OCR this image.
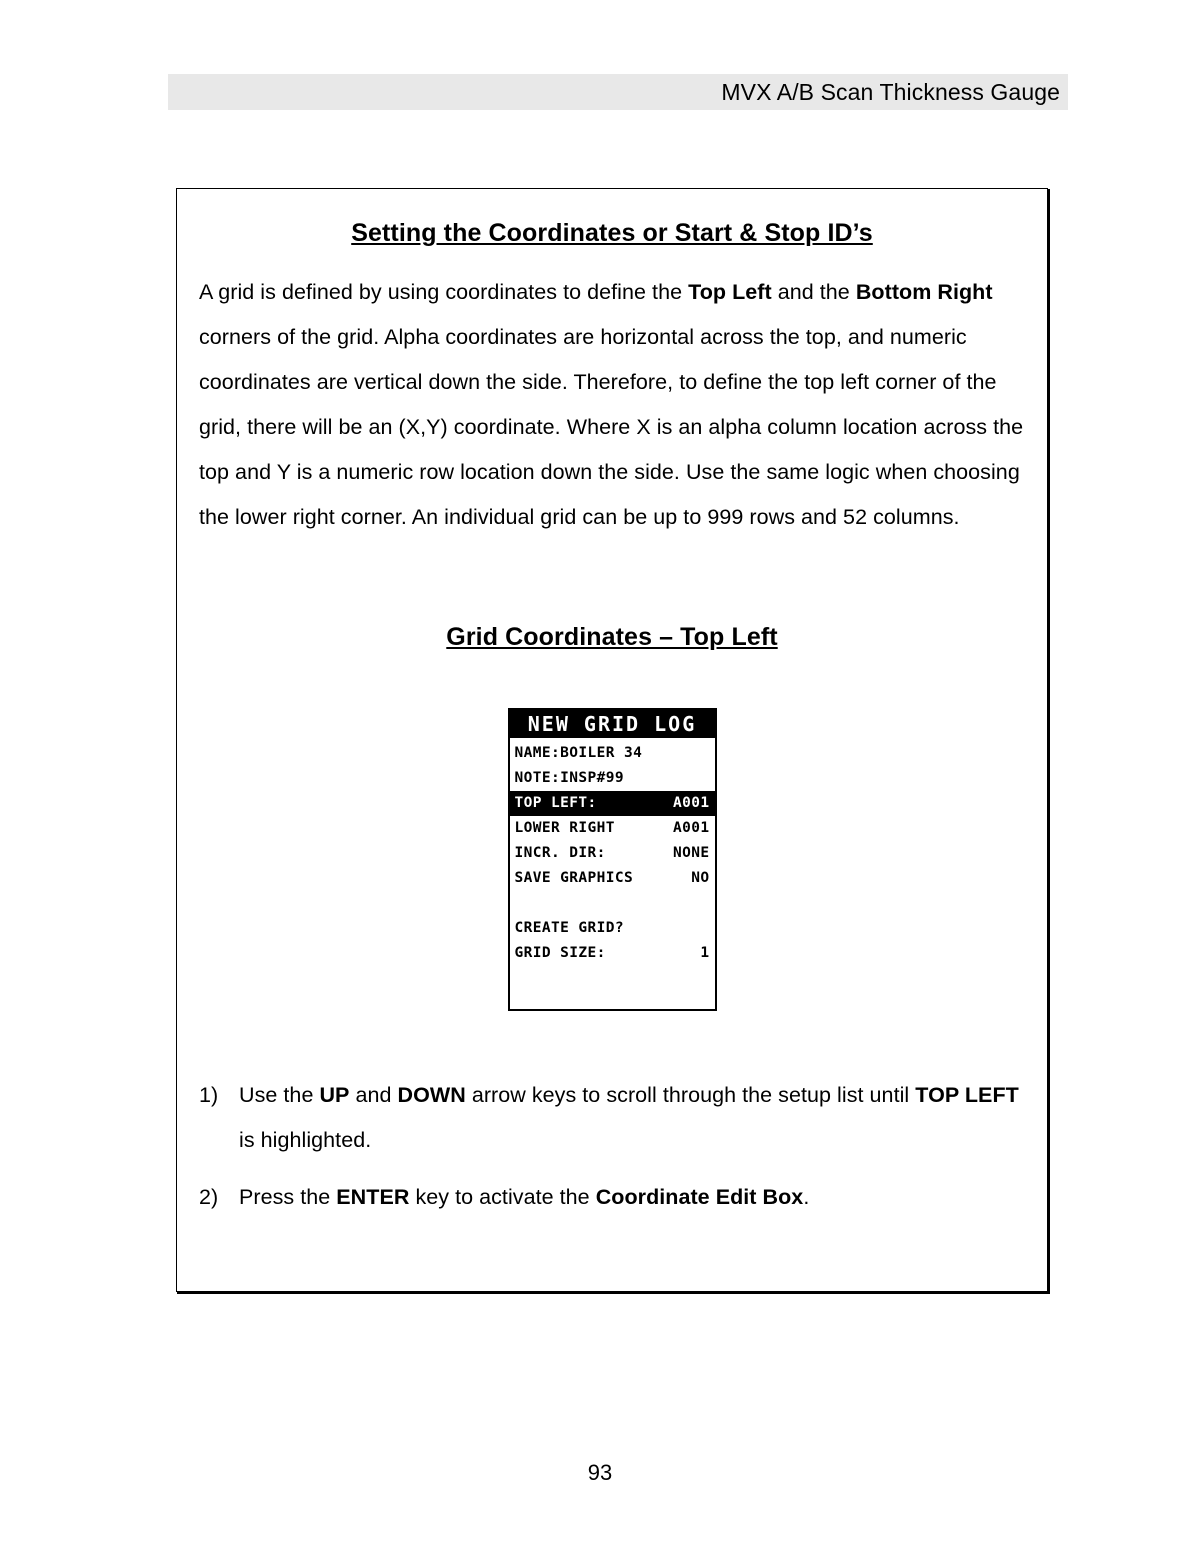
MVX A/B Scan Thickness Gauge
Setting the Coordinates or Start & Stop ID’s

A grid is defined by using coordinates to define the Top Left and the Bottom Right corners of the grid. Alpha coordinates are horizontal across the top, and numeric coordinates are vertical down the side. Therefore, to define the top left corner of the grid, there will be an (X,Y) coordinate. Where X is an alpha column location across the top and Y is a numeric row location down the side. Use the same logic when choosing the lower right corner. An individual grid can be up to 999 rows and 52 columns.

Grid Coordinates – Top Left
NEW GRID LOG
NAME:BOILER 34
NOTE:INSP#99
TOP LEFT:	A001
LOWER RIGHT	A001
INCR. DIR:	NONE
SAVE GRAPHICS	NO
CREATE GRID?
GRID SIZE:	1
1) Use the UP and DOWN arrow keys to scroll through the setup list until TOP LEFT is highlighted.
2) Press the ENTER key to activate the Coordinate Edit Box.
93
